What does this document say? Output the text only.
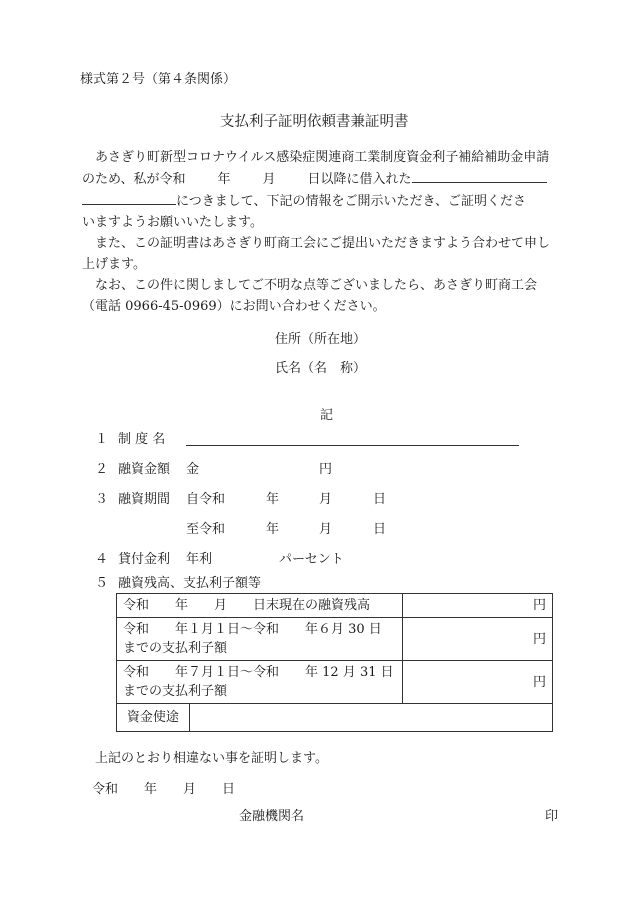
様式第２号（第４条関係）
支払利子証明依頼書兼証明書
あさぎり町新型コロナウイルス感染症関連商工業制度資金利子補給補助金申請
のため、私が令和 年 月 日以降に借入れた
につきまして、下記の情報をご開示いただき、ご証明くださ
いますようお願いいたします。
また、この証明書はあさぎり町商工会にご提出いただきますよう合わせて申し上げます。
なお、この件に関しましてご不明な点等ございましたら、あさぎり町商工会（電話 0966-45-0969）にお問い合わせください。
住所（所在地）
氏名（名　称）
記
１ 制 度 名
２ 融資金額 金	円
３ 融資期間 自令和	年	月	日
至令和	年	月	日
４ 貸付金利 年利	パーセント
５ 融資残高、支払利子額等
令和　　年　　月　　日末現在の融資残高		円

令和　　年１月１日～令和　　年６月 30 日
までの支払利子額		円

令和　　年７月１日～令和　　年 12 月 31 日
までの支払利子額		円
資金使途		
上記のとおり相違ない事を証明します。
令和　　年　　月　　日
金融機関名	印
